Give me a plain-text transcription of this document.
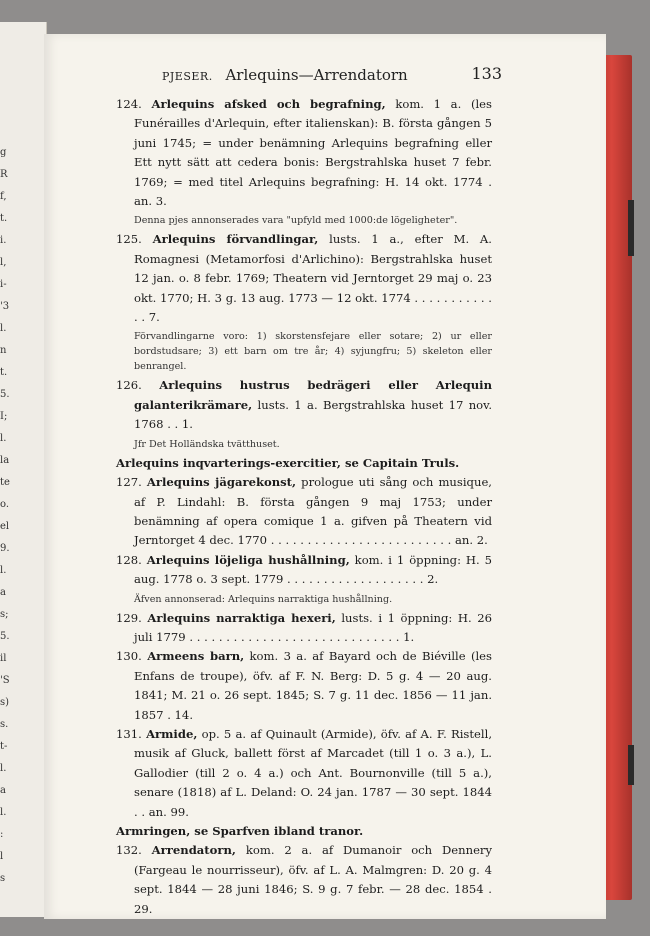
g
R
f,
t.
i.
l,
i-
'3
l.
n
t.
5.
I;
l.
la
te
o.
el
9.
l.
a
s;
5.
il
'S
s)
s.
t-
l.
a
l.
:
l
s
PJESER. Arlequins—Arrendatorn	133

124. Arlequins afsked och begrafning, kom. 1 a. (les Funérailles d'Arlequin, efter italienskan): B. första gången 5 juni 1745; = under benämning Arlequins begrafning eller Ett nytt sätt att cedera bonis: Bergstrahlska huset 7 febr. 1769; = med titel Arlequins begrafning: H. 14 okt. 1774 . an. 3.

Denna pjes annonserades vara "upfyld med 1000:de lögeligheter".

125. Arlequins förvandlingar, lusts. 1 a., efter M. A. Romagnesi (Metamorfosi d'Arlichino): Bergstrahlska huset 12 jan. o. 8 febr. 1769; Theatern vid Jerntorget 29 maj o. 23 okt. 1770; H. 3 g. 13 aug. 1773 — 12 okt. 1774 . . . . . . . . . . . . . 7.

Förvandlingarne voro: 1) skorstensfejare eller sotare; 2) ur eller bordstudsare; 3) ett barn om tre år; 4) syjungfru; 5) skeleton eller benrangel.

126. Arlequins hustrus bedrägeri eller Arlequin galanterikrämare, lusts. 1 a. Bergstrahlska huset 17 nov. 1768 . . 1.

Jfr Det Holländska tvätthuset.

Arlequins inqvarterings-exercitier, se Capitain Truls.

127. Arlequins jägarekonst, prologue uti sång och musique, af P. Lindahl: B. första gången 9 maj 1753; under benämning af opera comique 1 a. gifven på Theatern vid Jerntorget 4 dec. 1770 . . . . . . . . . . . . . . . . . . . . . . . . . an. 2.

128. Arlequins löjeliga hushållning, kom. i 1 öppning: H. 5 aug. 1778 o. 3 sept. 1779 . . . . . . . . . . . . . . . . . . . 2.

Äfven annonserad: Arlequins narraktiga hushållning.

129. Arlequins narraktiga hexeri, lusts. i 1 öppning: H. 26 juli 1779 . . . . . . . . . . . . . . . . . . . . . . . . . . . . . 1.

130. Armeens barn, kom. 3 a. af Bayard och de Biéville (les Enfans de troupe), öfv. af F. N. Berg: D. 5 g. 4 — 20 aug. 1841; M. 21 o. 26 sept. 1845; S. 7 g. 11 dec. 1856 — 11 jan. 1857 . 14.

131. Armide, op. 5 a. af Quinault (Armide), öfv. af A. F. Ristell, musik af Gluck, ballett först af Marcadet (till 1 o. 3 a.), L. Gallodier (till 2 o. 4 a.) och Ant. Bournonville (till 5 a.), senare (1818) af L. Deland: O. 24 jan. 1787 — 30 sept. 1844 . . an. 99.

Armringen, se Sparfven ibland tranor.

132. Arrendatorn, kom. 2 a. af Dumanoir och Dennery (Fargeau le nourrisseur), öfv. af L. A. Malmgren: D. 20 g. 4 sept. 1844 — 28 juni 1846; S. 9 g. 7 febr. — 28 dec. 1854 . 29.
